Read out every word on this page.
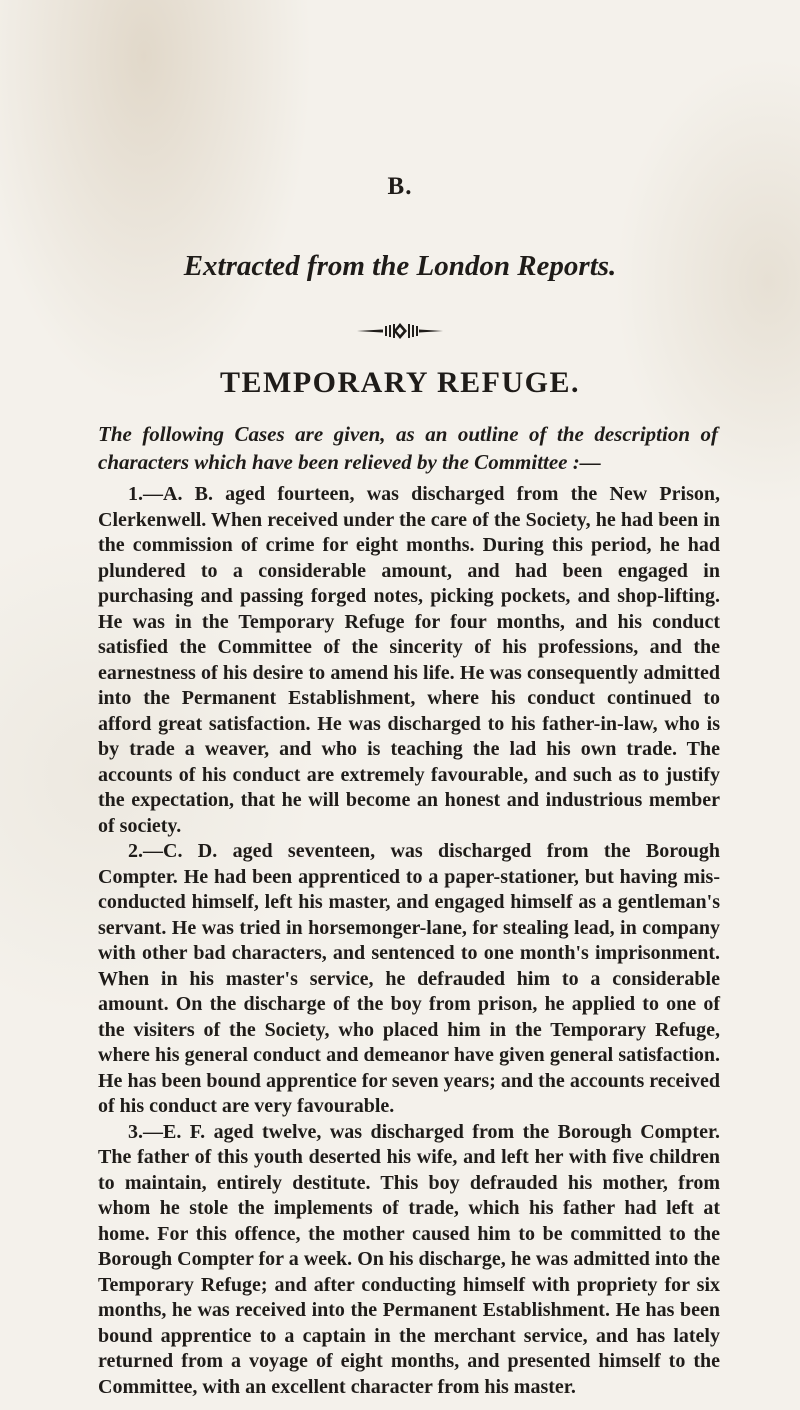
B.
Extracted from the London Reports.
TEMPORARY REFUGE.
The following Cases are given, as an outline of the description of characters which have been relieved by the Committee :—

1.—A. B. aged fourteen, was discharged from the New Prison, Clerkenwell. When received under the care of the Society, he had been in the commission of crime for eight months. During this period, he had plundered to a considerable amount, and had been engaged in purchasing and passing forged notes, picking pockets, and shop-lifting. He was in the Temporary Refuge for four months, and his conduct satisfied the Committee of the sincerity of his professions, and the earnestness of his desire to amend his life. He was consequently admitted into the Permanent Establishment, where his conduct continued to afford great satisfaction. He was discharged to his father-in-law, who is by trade a weaver, and who is teaching the lad his own trade. The accounts of his conduct are extremely favourable, and such as to justify the expectation, that he will become an honest and industrious member of society.

2.—C. D. aged seventeen, was discharged from the Borough Compter. He had been apprenticed to a paper-stationer, but having mis-conducted himself, left his master, and engaged himself as a gentleman's servant. He was tried in horsemonger-lane, for stealing lead, in company with other bad characters, and sentenced to one month's imprisonment. When in his master's service, he defrauded him to a considerable amount. On the discharge of the boy from prison, he applied to one of the visiters of the Society, who placed him in the Temporary Refuge, where his general conduct and demeanor have given general satisfaction. He has been bound apprentice for seven years; and the accounts received of his conduct are very favourable.

3.—E. F. aged twelve, was discharged from the Borough Compter. The father of this youth deserted his wife, and left her with five children to maintain, entirely destitute. This boy defrauded his mother, from whom he stole the implements of trade, which his father had left at home. For this offence, the mother caused him to be committed to the Borough Compter for a week. On his discharge, he was admitted into the Temporary Refuge; and after conducting himself with propriety for six months, he was received into the Permanent Establishment. He has been bound apprentice to a captain in the merchant service, and has lately returned from a voyage of eight months, and presented himself to the Committee, with an excellent character from his master.
